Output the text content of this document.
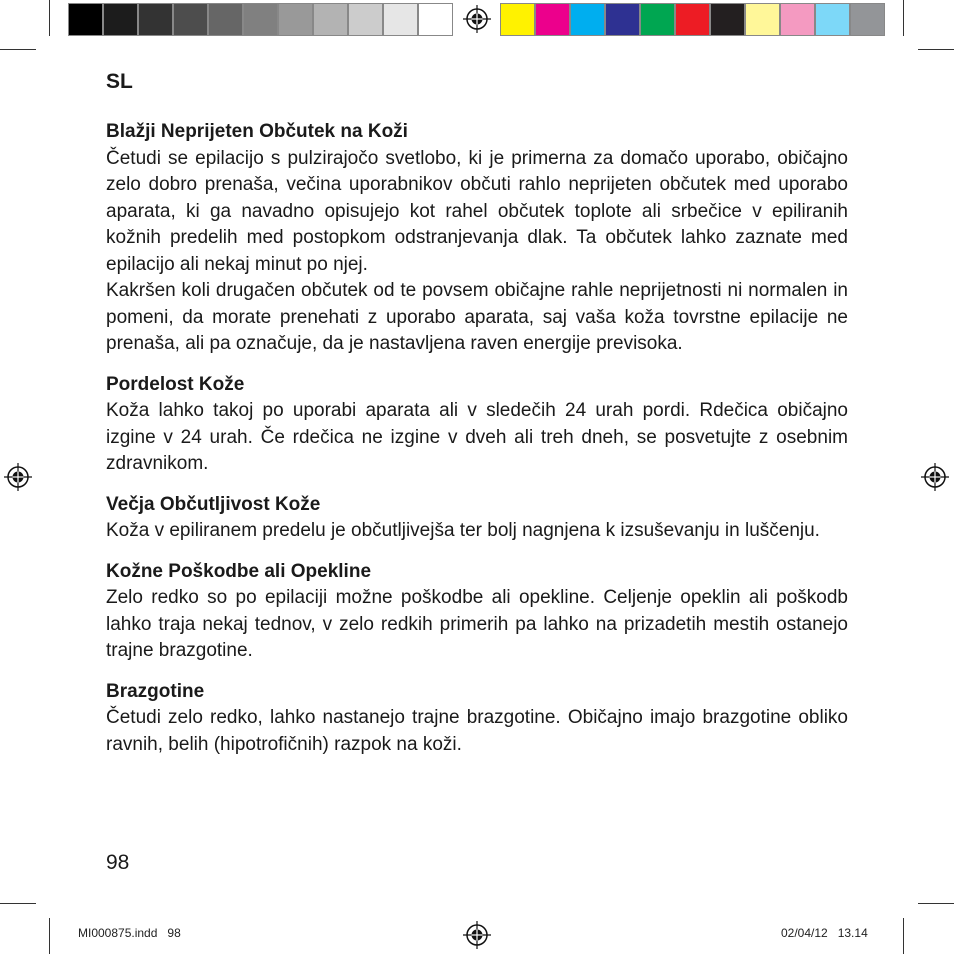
SL
Blažji Neprijeten Občutek na Koži

Četudi se epilacijo s pulzirajočo svetlobo, ki je primerna za domačo uporabo, običajno zelo dobro prenaša, večina uporabnikov občuti rahlo neprijeten občutek med uporabo aparata, ki ga navadno opisujejo kot rahel občutek toplote ali srbečice v epiliranih kožnih predelih med postopkom odstranjevanja dlak. Ta občutek lahko zaznate med epilacijo ali nekaj minut po njej.

Kakršen koli drugačen občutek od te povsem običajne rahle neprijetnosti ni normalen in pomeni, da morate prenehati z uporabo aparata, saj vaša koža tovrstne epilacije ne prenaša, ali pa označuje, da je nastavljena raven energije previsoka.

Pordelost Kože

Koža lahko takoj po uporabi aparata ali v sledečih 24 urah pordi. Rdečica običajno izgine v 24 urah. Če rdečica ne izgine v dveh ali treh dneh, se posvetujte z osebnim zdravnikom.

Večja Občutljivost Kože

Koža v epiliranem predelu je občutljivejša ter bolj nagnjena k izsuševanju in luščenju.

Kožne Poškodbe ali Opekline

Zelo redko so po epilaciji možne poškodbe ali opekline. Celjenje opeklin ali poškodb lahko traja nekaj tednov, v zelo redkih primerih pa lahko na prizadetih mestih ostanejo trajne brazgotine.

Brazgotine

Četudi zelo redko, lahko nastanejo trajne brazgotine. Običajno imajo brazgotine obliko ravnih, belih (hipotrofičnih) razpok na koži.

98
MI000875.indd   98	02/04/12   13.14
